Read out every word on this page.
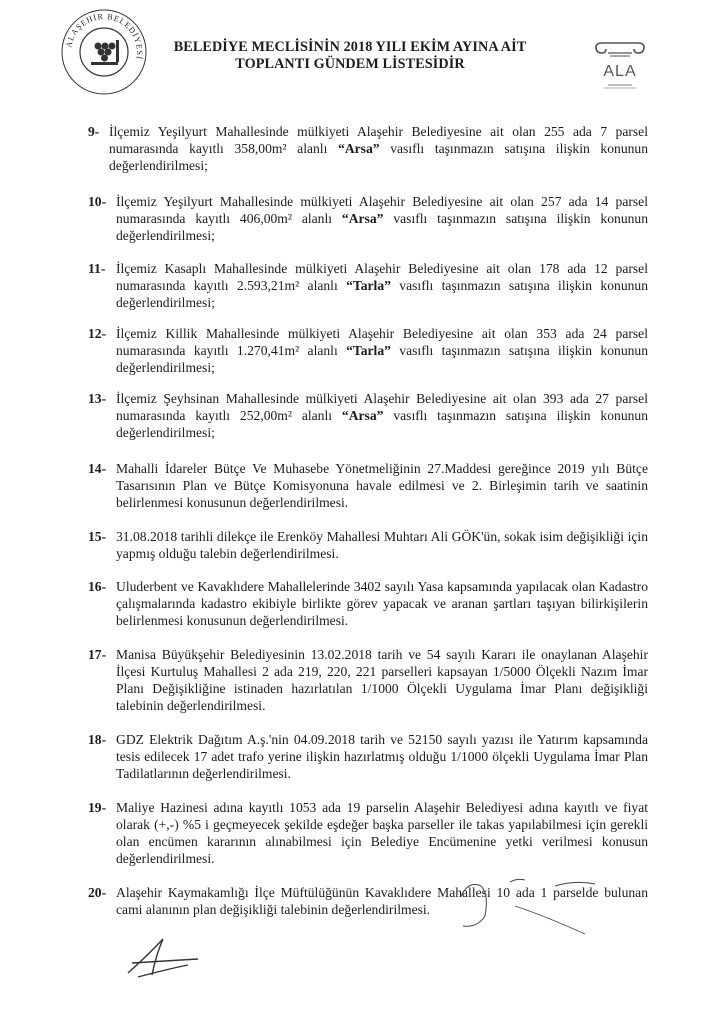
ALAŞEHİR BELEDİYESİ
BELEDİYE MECLİSİNİN 2018 YILI EKİM AYINA AİT
TOPLANTI GÜNDEM LİSTESİDİR	ALA
9- İlçemiz Yeşilyurt Mahallesinde mülkiyeti Alaşehir Belediyesine ait olan 255 ada 7 parsel numarasında kayıtlı 358,00m² alanlı “Arsa” vasıflı taşınmazın satışına ilişkin konunun değerlendirilmesi;
10- İlçemiz Yeşilyurt Mahallesinde mülkiyeti Alaşehir Belediyesine ait olan 257 ada 14 parsel numarasında kayıtlı 406,00m² alanlı “Arsa” vasıflı taşınmazın satışına ilişkin konunun değerlendirilmesi;
11- İlçemiz Kasaplı Mahallesinde mülkiyeti Alaşehir Belediyesine ait olan 178 ada 12 parsel numarasında kayıtlı 2.593,21m² alanlı “Tarla” vasıflı taşınmazın satışına ilişkin konunun değerlendirilmesi;
12- İlçemiz Killik Mahallesinde mülkiyeti Alaşehir Belediyesine ait olan 353 ada 24 parsel numarasında kayıtlı 1.270,41m² alanlı “Tarla” vasıflı taşınmazın satışına ilişkin konunun değerlendirilmesi;
13- İlçemiz Şeyhsinan Mahallesinde mülkiyeti Alaşehir Belediyesine ait olan 393 ada 27 parsel numarasında kayıtlı 252,00m² alanlı “Arsa” vasıflı taşınmazın satışına ilişkin konunun değerlendirilmesi;
14- Mahalli İdareler Bütçe Ve Muhasebe Yönetmeliğinin 27.Maddesi gereğince 2019 yılı Bütçe Tasarısının Plan ve Bütçe Komisyonuna havale edilmesi ve 2. Birleşimin tarih ve saatinin belirlenmesi konusunun değerlendirilmesi.
15- 31.08.2018 tarihli dilekçe ile Erenköy Mahallesi Muhtarı Ali GÖK'ün, sokak isim değişikliği için yapmış olduğu talebin değerlendirilmesi.
16- Uluderbent ve Kavaklıdere Mahallelerinde 3402 sayılı Yasa kapsamında yapılacak olan Kadastro çalışmalarında kadastro ekibiyle birlikte görev yapacak ve aranan şartları taşıyan bilirkişilerin belirlenmesi konusunun değerlendirilmesi.
17- Manisa Büyükşehir Belediyesinin 13.02.2018 tarih ve 54 sayılı Kararı ile onaylanan Alaşehir İlçesi Kurtuluş Mahallesi 2 ada 219, 220, 221 parselleri kapsayan 1/5000 Ölçekli Nazım İmar Planı Değişikliğine istinaden hazırlatılan 1/1000 Ölçekli Uygulama İmar Planı değişikliği talebinin değerlendirilmesi.
18- GDZ Elektrik Dağıtım A.ş.'nin 04.09.2018 tarih ve 52150 sayılı yazısı ile Yatırım kapsamında tesis edilecek 17 adet trafo yerine ilişkin hazırlatmış olduğu 1/1000 ölçekli Uygulama İmar Plan Tadilatlarının değerlendirilmesi.
19- Maliye Hazinesi adına kayıtlı 1053 ada 19 parselin Alaşehir Belediyesi adına kayıtlı ve fiyat olarak (+,-) %5 i geçmeyecek şekilde eşdeğer başka parseller ile takas yapılabilmesi için gerekli olan encümen kararının alınabilmesi için Belediye Encümenine yetki verilmesi konusun değerlendirilmesi.
20- Alaşehir Kaymakamlığı İlçe Müftülüğünün Kavaklıdere Mahallesi 10 ada 1 parselde bulunan cami alanının plan değişikliği talebinin değerlendirilmesi.
